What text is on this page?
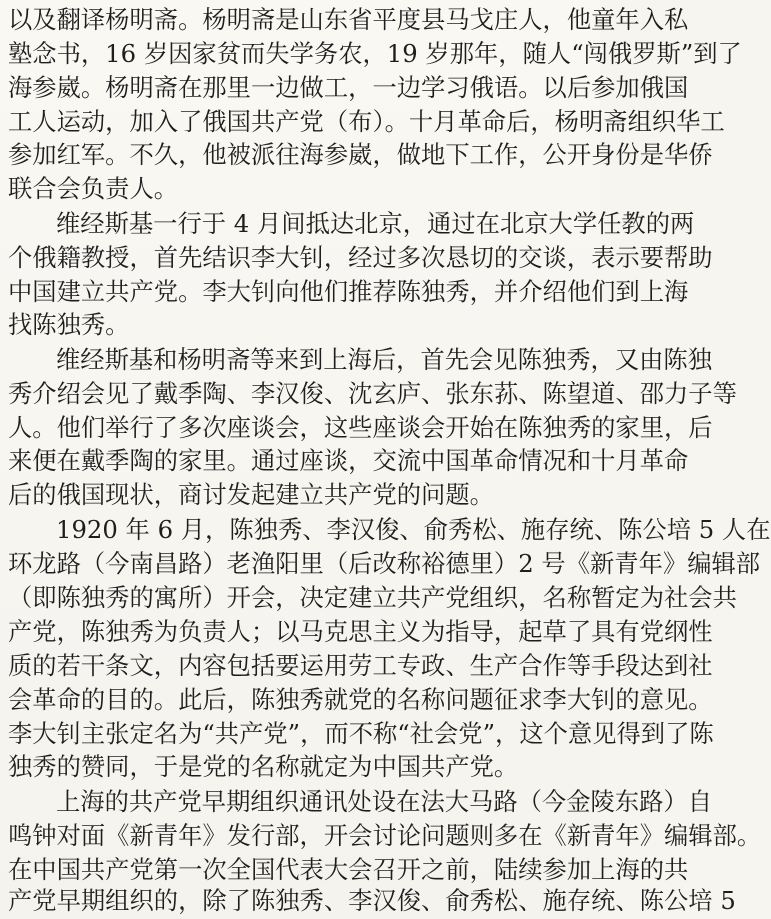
以及翻译杨明斋。杨明斋是山东省平度县马戈庄人，他童年入私
塾念书，16 岁因家贫而失学务农，19 岁那年，随人“闯俄罗斯”到了
海参崴。杨明斋在那里一边做工，一边学习俄语。以后参加俄国
工人运动，加入了俄国共产党（布）。十月革命后，杨明斋组织华工
参加红军。不久，他被派往海参崴，做地下工作，公开身份是华侨
联合会负责人。
维经斯基一行于 4 月间抵达北京，通过在北京大学任教的两
个俄籍教授，首先结识李大钊，经过多次恳切的交谈，表示要帮助
中国建立共产党。李大钊向他们推荐陈独秀，并介绍他们到上海
找陈独秀。
维经斯基和杨明斋等来到上海后，首先会见陈独秀，又由陈独
秀介绍会见了戴季陶、李汉俊、沈玄庐、张东荪、陈望道、邵力子等
人。他们举行了多次座谈会，这些座谈会开始在陈独秀的家里，后
来便在戴季陶的家里。通过座谈，交流中国革命情况和十月革命
后的俄国现状，商讨发起建立共产党的问题。
1920 年 6 月，陈独秀、李汉俊、俞秀松、施存统、陈公培 5 人在
环龙路（今南昌路）老渔阳里（后改称裕德里）2 号《新青年》编辑部
（即陈独秀的寓所）开会，决定建立共产党组织，名称暂定为社会共
产党，陈独秀为负责人；以马克思主义为指导，起草了具有党纲性
质的若干条文，内容包括要运用劳工专政、生产合作等手段达到社
会革命的目的。此后，陈独秀就党的名称问题征求李大钊的意见。
李大钊主张定名为“共产党”，而不称“社会党”，这个意见得到了陈
独秀的赞同，于是党的名称就定为中国共产党。
上海的共产党早期组织通讯处设在法大马路（今金陵东路）自
鸣钟对面《新青年》发行部，开会讨论问题则多在《新青年》编辑部。
在中国共产党第一次全国代表大会召开之前，陆续参加上海的共
产党早期组织的，除了陈独秀、李汉俊、俞秀松、施存统、陈公培 5
